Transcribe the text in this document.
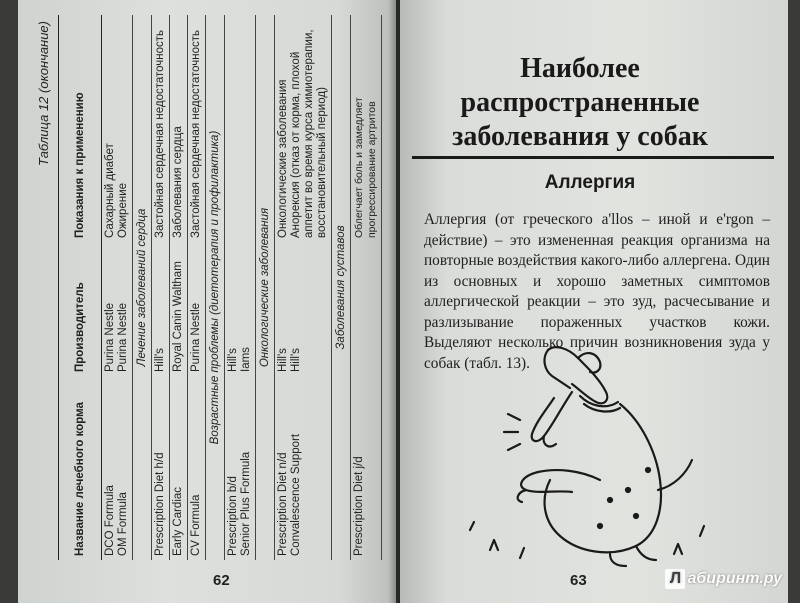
Таблица 12 (окончание)
Название лечебного корма
Производитель
Показания к применению
DCO Formula OM Formula
Purina Nestle Purina Nestle
Сахарный диабет Ожирение Лечение заболеваний сердца
Prescription Diet h/d
Hill's
Застойная сердечная недостаточность
Early Cardiac
Royal Canin Waltham
Заболевания сердца
CV Formula
Purina Nestle
Застойная сердечная недостаточность Возрастные проблемы (диетотерапия и профилактика)
Prescription b/d Senior Plus Formula
Hill's Iams Онкологические заболевания
Prescription Diet n/d Convalescence Support
Hill's Hill's
Онкологические заболевания Анорексия (отказ от корма, плохой аппетит во время курса химиотерапии, восстановительный период)
Заболевания суставов
Prescription Diet j/d
Облегчает боль и замедляет прогрессирование артритов
62
Наиболее
распространенные
заболевания у собак
Аллергия
Аллергия (от греческого a'llos – иной и e'rgon – действие) – это измененная реакция организма на повторные воздействия какого-либо аллергена. Один из основных и хорошо заметных симптомов аллергической реакции – это зуд, расчесывание и разлизывание пораженных участков кожи. Выделяют несколько причин возникновения зуда у собак (табл. 13).
63	Л абиринт.ру
